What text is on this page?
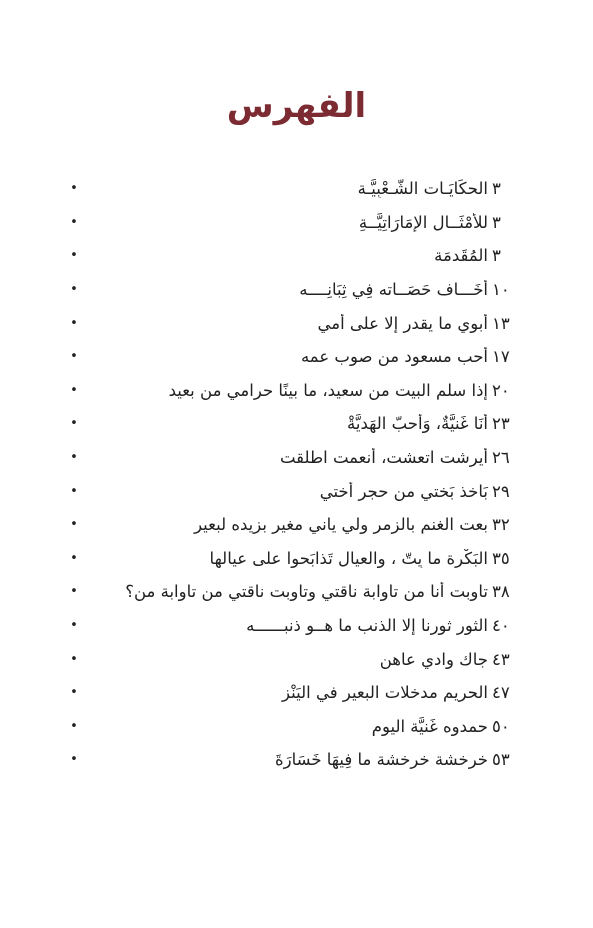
الفهرس
•	الحكَايَـات الشَّـعْبِيَّـة ٣
•	للأمْثَــال الإمَارَاتِيَّــةِ ٣
•	المُقَدمَة ٣
•	أخَـــاف حَصَــاته فِي ثِبَانِــــه ١٠
•	أبوي ما يقدر إلا على أمي ١٣
•	أحب مسعود من صوب عمه ١٧
•	إذا سلم البيت من سعيد، ما بينًا حرامي من بعيد ٢٠
•	أنَا غَنيَّةٌ، وَأُحبّ الهَديَّةْ ٢٣
•	أيرشت اتعشت، أنعمت اطلقت ٢٦
•	بَاخذ بَختي من حجر أختي ٢٩
•	بعت الغنم بالزمر ولي ياني مغير بزيده لبعير ٣٢
•	البَكْرة ما يِتّ ، والعيال تَذابَحوا على عيالها ٣٥
•	تاوبت أنا من تاوابة ناقتي وتاوبت ناقتي من تاوابة من؟ ٣٨
•	الثور ثورنا إلا الذنب ما هــو ذنبــــــه ٤٠
•	جاك وادي عاهن ٤٣
•	الحريم مدخلات البعير في اليَنْز ٤٧
•	حمدوه غَنيَّة اليوم ٥٠
•	خرخشة خرخشة ما فِيهَا خَسَارَةَ ٥٣
